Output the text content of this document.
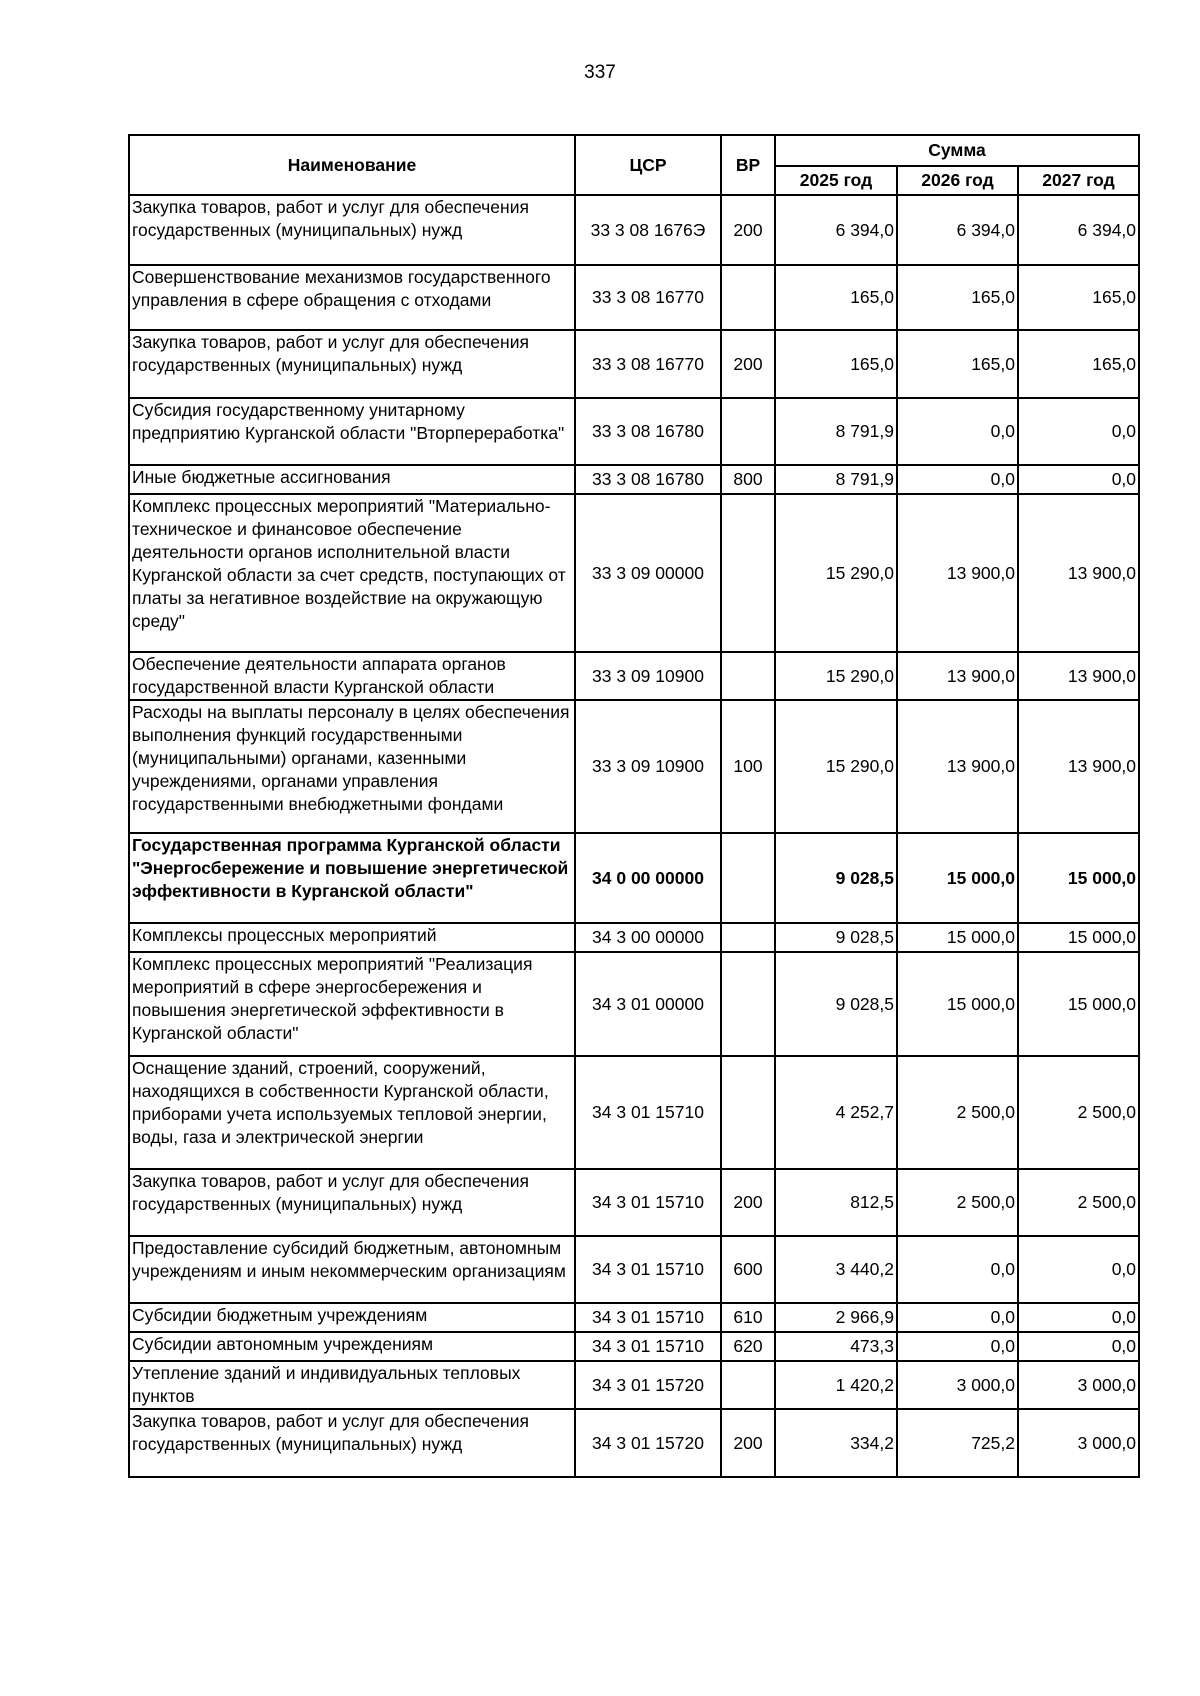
337
Наименование	ЦСР	ВР	Сумма		
			2025 год	2026 год	2027 год
Закупка товаров, работ и услуг для обеспечения государственных (муниципальных) нужд	33 3 08 1676Э	200	6 394,0	6 394,0	6 394,0
Совершенствование механизмов государственного управления в сфере обращения с отходами	33 3 08 16770		165,0	165,0	165,0
Закупка товаров, работ и услуг для обеспечения государственных (муниципальных) нужд	33 3 08 16770	200	165,0	165,0	165,0
Субсидия государственному унитарному предприятию Курганской области "Вторпереработка"	33 3 08 16780		8 791,9	0,0	0,0
Иные бюджетные ассигнования	33 3 08 16780	800	8 791,9	0,0	0,0
Комплекс процессных мероприятий "Материально-техническое и финансовое обеспечение деятельности органов исполнительной власти Курганской области за счет средств, поступающих от платы за негативное воздействие на окружающую среду"	33 3 09 00000		15 290,0	13 900,0	13 900,0
Обеспечение деятельности аппарата органов государственной власти Курганской области	33 3 09 10900		15 290,0	13 900,0	13 900,0
Расходы на выплаты персоналу в целях обеспечения выполнения функций государственными (муниципальными) органами, казенными учреждениями, органами управления государственными внебюджетными фондами	33 3 09 10900	100	15 290,0	13 900,0	13 900,0
Государственная программа Курганской области "Энергосбережение и повышение энергетической эффективности в Курганской области"	34 0 00 00000		9 028,5	15 000,0	15 000,0
Комплексы процессных мероприятий	34 3 00 00000		9 028,5	15 000,0	15 000,0
Комплекс процессных мероприятий "Реализация мероприятий в сфере энергосбережения и повышения энергетической эффективности в Курганской области"	34 3 01 00000		9 028,5	15 000,0	15 000,0
Оснащение зданий, строений, сооружений, находящихся в собственности Курганской области, приборами учета используемых тепловой энергии, воды, газа и электрической энергии	34 3 01 15710		4 252,7	2 500,0	2 500,0
Закупка товаров, работ и услуг для обеспечения государственных (муниципальных) нужд	34 3 01 15710	200	812,5	2 500,0	2 500,0
Предоставление субсидий бюджетным, автономным учреждениям и иным некоммерческим организациям	34 3 01 15710	600	3 440,2	0,0	0,0
Субсидии бюджетным учреждениям	34 3 01 15710	610	2 966,9	0,0	0,0
Субсидии автономным учреждениям	34 3 01 15710	620	473,3	0,0	0,0
Утепление зданий и индивидуальных тепловых пунктов	34 3 01 15720		1 420,2	3 000,0	3 000,0
Закупка товаров, работ и услуг для обеспечения государственных (муниципальных) нужд	34 3 01 15720	200	334,2	725,2	3 000,0
